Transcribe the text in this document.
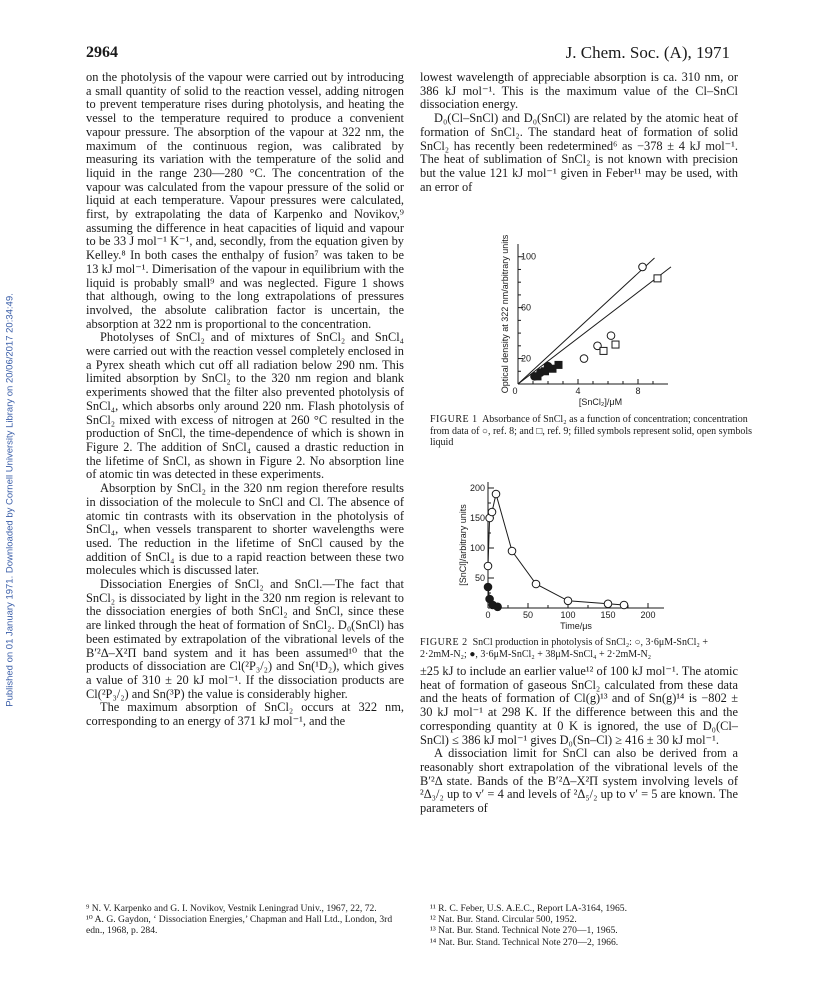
Published on 01 January 1971. Downloaded by Cornell University Library on 20/06/2017 20:34:49.
2964	J. Chem. Soc. (A), 1971

on the photolysis of the vapour were carried out by introducing a small quantity of solid to the reaction vessel, adding nitrogen to prevent temperature rises during photolysis, and heating the vessel to the temperature required to produce a convenient vapour pressure. The absorption of the vapour at 322 nm, the maximum of the continuous region, was calibrated by measuring its variation with the temperature of the solid and liquid in the range 230—280 °C. The concentration of the vapour was calculated from the vapour pressure of the solid or liquid at each temperature. Vapour pressures were calculated, first, by extrapolating the data of Karpenko and Novikov,⁹ assuming the difference in heat capacities of liquid and vapour to be 33 J mol⁻¹ K⁻¹, and, secondly, from the equation given by Kelley.⁸ In both cases the enthalpy of fusion⁷ was taken to be 13 kJ mol⁻¹. Dimerisation of the vapour in equilibrium with the liquid is probably small⁹ and was neglected. Figure 1 shows that although, owing to the long extrapolations of pressures involved, the absolute calibration factor is uncertain, the absorption at 322 nm is proportional to the concentration.

Photolyses of SnCl₂ and of mixtures of SnCl₂ and SnCl₄ were carried out with the reaction vessel completely enclosed in a Pyrex sheath which cut off all radiation below 290 nm. This limited absorption by SnCl₂ to the 320 nm region and blank experiments showed that the filter also prevented photolysis of SnCl₄, which absorbs only around 220 nm. Flash photolysis of SnCl₂ mixed with excess of nitrogen at 260 °C resulted in the production of SnCl, the time-dependence of which is shown in Figure 2. The addition of SnCl₄ caused a drastic reduction in the lifetime of SnCl, as shown in Figure 2. No absorption line of atomic tin was detected in these experiments.

Absorption by SnCl₂ in the 320 nm region therefore results in dissociation of the molecule to SnCl and Cl. The absence of atomic tin contrasts with its observation in the photolysis of SnCl₄, when vessels transparent to shorter wavelengths were used. The reduction in the lifetime of SnCl caused by the addition of SnCl₄ is due to a rapid reaction between these two molecules which is discussed later.

Dissociation Energies of SnCl₂ and SnCl.—The fact that SnCl₂ is dissociated by light in the 320 nm region is relevant to the dissociation energies of both SnCl₂ and SnCl, since these are linked through the heat of formation of SnCl₂. D₀(SnCl) has been estimated by extrapolation of the vibrational levels of the B′²Δ–X²Π band system and it has been assumed¹⁰ that the products of dissociation are Cl(²P₃/₂) and Sn(¹D₂), which gives a value of 310 ± 20 kJ mol⁻¹. If the dissociation products are Cl(²P₃/₂) and Sn(³P) the value is considerably higher.

The maximum absorption of SnCl₂ occurs at 322 nm, corresponding to an energy of 371 kJ mol⁻¹, and the

lowest wavelength of appreciable absorption is ca. 310 nm, or 386 kJ mol⁻¹. This is the maximum value of the Cl–SnCl dissociation energy.

D₀(Cl–SnCl) and D₀(SnCl) are related by the atomic heat of formation of SnCl₂. The standard heat of formation of solid SnCl₂ has recently been redetermined⁶ as −378 ± 4 kJ mol⁻¹. The heat of sublimation of SnCl₂ is not known with precision but the value 121 kJ mol⁻¹ given in Feber¹¹ may be used, with an error of

4	8
20
60
100
0
[SnCl₂]/μM
Optical density at 322 nm/arbitrary units
FIGURE 1 Absorbance of SnCl₂ as a function of concentration; concentration from data of ○, ref. 8; and □, ref. 9; filled symbols represent solid, open symbols liquid
0	50	100	150	200
50
100
150
200
Time/μs
[SnCl]/arbitrary units
FIGURE 2 SnCl production in photolysis of SnCl₂: ○, 3·6μM-SnCl₂ + 2·2mM-N₂; ●, 3·6μM-SnCl₂ + 38μM-SnCl₄ + 2·2mM-N₂

±25 kJ to include an earlier value¹² of 100 kJ mol⁻¹. The atomic heat of formation of gaseous SnCl₂ calculated from these data and the heats of formation of Cl(g)¹³ and of Sn(g)¹⁴ is −802 ± 30 kJ mol⁻¹ at 298 K. If the difference between this and the corresponding quantity at 0 K is ignored, the use of D₀(Cl–SnCl) ≤ 386 kJ mol⁻¹ gives D₀(Sn–Cl) ≥ 416 ± 30 kJ mol⁻¹.

A dissociation limit for SnCl can also be derived from a reasonably short extrapolation of the vibrational levels of the B′²Δ state. Bands of the B′²Δ–X²Π system involving levels of ²Δ₃/₂ up to v′ = 4 and levels of ²Δ₅/₂ up to v′ = 5 are known. The parameters of

⁹ N. V. Karpenko and G. I. Novikov, Vestnik Leningrad Univ., 1967, 22, 72.
¹⁰ A. G. Gaydon, ‘ Dissociation Energies,’ Chapman and Hall Ltd., London, 3rd edn., 1968, p. 284.
¹¹ R. C. Feber, U.S. A.E.C., Report LA-3164, 1965.
¹² Nat. Bur. Stand. Circular 500, 1952.
¹³ Nat. Bur. Stand. Technical Note 270—1, 1965.
¹⁴ Nat. Bur. Stand. Technical Note 270—2, 1966.
